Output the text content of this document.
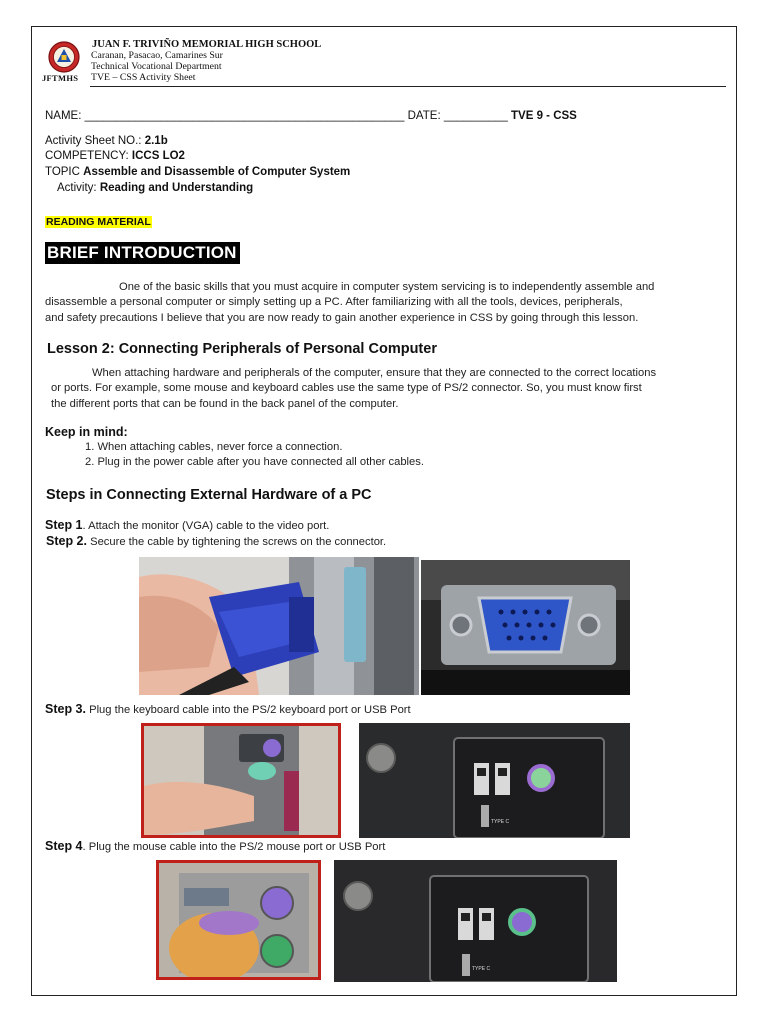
JFTMHS
JUAN F. TRIVIÑO MEMORIAL HIGH SCHOOL
Caranan, Pasacao, Camarines Sur
Technical Vocational Department
TVE – CSS Activity Sheet
NAME: __________________________________________________ DATE: __________ TVE 9 - CSS
Activity Sheet NO.: 2.1b
COMPETENCY: ICCS LO2
TOPIC Assemble and Disassemble of Computer System
Activity: Reading and Understanding
READING MATERIAL
BRIEF INTRODUCTION
One of the basic skills that you must acquire in computer system servicing is to independently assemble and
disassemble a personal computer or simply setting up a PC. After familiarizing with all the tools, devices, peripherals,
and safety precautions I believe that you are now ready to gain another experience in CSS by going through this lesson.
Lesson 2: Connecting Peripherals of Personal Computer
When attaching hardware and peripherals of the computer, ensure that they are connected to the correct locations
or ports. For example, some mouse and keyboard cables use the same type of PS/2 connector. So, you must know first
the different ports that can be found in the back panel of the computer.
Keep in mind:
1. When attaching cables, never force a connection.
2. Plug in the power cable after you have connected all other cables.
Steps in Connecting External Hardware of a PC
Step 1. Attach the monitor (VGA) cable to the video port.
Step 2. Secure the cable by tightening the screws on the connector.
Step 3. Plug the keyboard cable into the PS/2 keyboard port or USB Port
TYPE C
Step 4. Plug the mouse cable into the PS/2 mouse port or USB Port
TYPE C
